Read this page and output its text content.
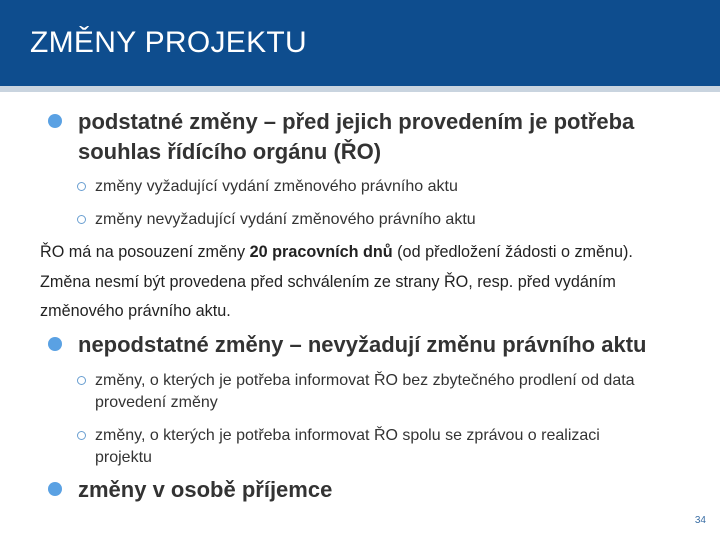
ZMĚNY PROJEKTU
podstatné změny – před jejich provedením je potřeba
souhlas řídícího orgánu (ŘO)
změny vyžadující vydání změnového právního aktu
změny nevyžadující vydání změnového právního aktu
ŘO má na posouzení změny 20 pracovních dnů (od předložení žádosti o změnu).
Změna nesmí být provedena před schválením ze strany ŘO, resp. před vydáním
změnového právního aktu.
nepodstatné změny – nevyžadují změnu právního aktu
změny, o kterých je potřeba informovat ŘO bez zbytečného prodlení od data
provedení změny
změny, o kterých je potřeba informovat ŘO spolu se zprávou o realizaci
projektu
změny v osobě příjemce
34
